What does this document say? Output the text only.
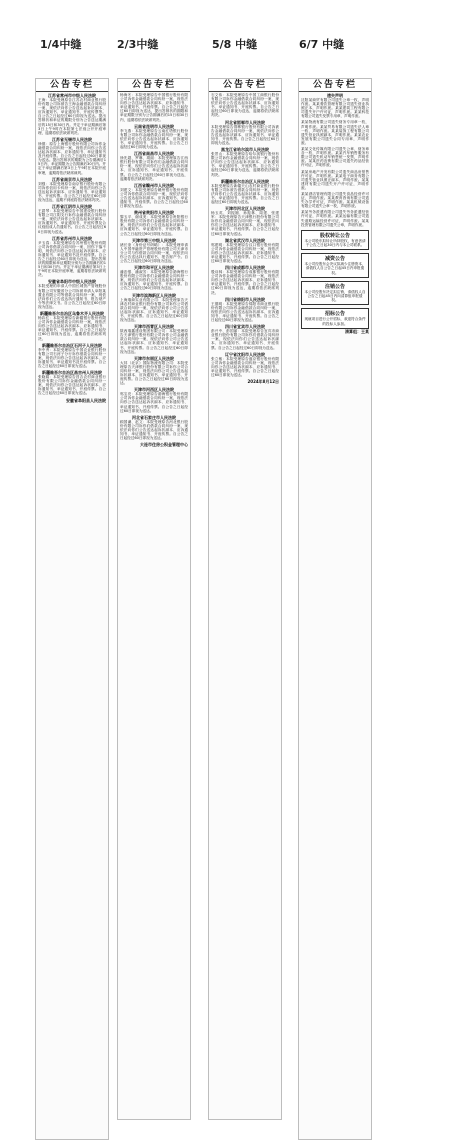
1/4中缝	2/3中缝	5/8 中缝	6/7 中缝
公告专栏
江苏省常州市中级人民法院
王海：本院受理原告江苏农村商业银行股份有限公司诉被告王海金融借款合同纠纷一案，现依法向你公告送达起诉状副本、应诉通知书、举证通知书、开庭传票等。自公告之日起经过60日即视为送达。提出答辩状和举证的期限分别为公告送达期满后的15日和30日内。并定于举证期满后第3日上午9时在本院第七法庭公开开庭审理，逾期将依法缺席判决。
江苏省无锡市人民法院
徐德：原告上海银行股份有限公司诉你金融借款合同纠纷一案，现依法向你公告送达起诉状副本、应诉通知书、举证通知书及开庭传票。自公告之日起经过60日即视为送达。提出答辩状的期限为公告期满后15日内，举证期限为公告期满后30日内。并定于举证期满后第3日上午9时在本院开庭审理，逾期将依法缺席裁判。
江苏省南京市人民法院
刘强：本院受理原告南京银行股份有限公司诉你信用卡纠纷一案，现依法向你公告送达起诉状副本、应诉通知书、举证通知书、开庭传票。自公告之日起经过60日即视为送达，逾期不到庭将依法缺席判决。
江苏省江阴市人民法院
王碧琴：本院受理原告中国建设银行股份有限公司江阴支行诉你金融借款合同纠纷一案，现依法向你公告送达起诉状副本、应诉通知书、举证通知书、开庭传票及合议庭组成人员通知书。自公告之日起经过60日即视为送达。
江苏省苏州市人民法院
尹玉春：本院受理原告苏州银行股份有限公司诉你借款合同纠纷一案，因你下落不明，现依法向你公告送达起诉状副本、应诉通知书、举证通知书及开庭传票。自公告之日起经过60日即视为送达，提出答辩状的期限和举证期限分别为公告期满后的15日和30日内。并定于举证期满后第3日上午9时在本院开庭审理，逾期将依法缺席判决。
安徽省阜阳市中级人民法院
本院受理的申请人中国长城资产管理股份有限公司安徽省分公司诉被申请人阜阳某置业有限公司等借款合同纠纷一案，现依法向你们公告送达执行通知书、报告财产令等法律文书。自公告之日起经过60日即视为送达。
新疆维吾尔自治区乌鲁木齐人民法院
杨彩红：本院受理原告新疆银行股份有限公司诉你金融借款合同纠纷一案，现依法向你公告送达起诉状副本、应诉通知书、举证通知书、开庭传票。自公告之日起经过60日即视为送达，逾期将依法缺席判决。
新疆维吾尔自治区石河子人民法院
李中秀：本院受理原告中国农业银行股份有限公司石河子分行诉你借款合同纠纷一案，现依法向你公告送达起诉状副本、应诉通知书、举证通知书及开庭传票。自公告之日起经过60日即视为送达。
新疆维吾尔自治区昌吉州人民法院
张晓娟：本院受理原告昌吉农村商业银行股份有限公司诉你金融借款合同纠纷一案，现依法向你公告送达起诉状副本、应诉通知书、举证通知书、开庭传票。自公告之日起经过60日即视为送达。
安徽省阜阳县人民法院
公告专栏
杨海冬：本院受理原告中国银行股份有限公司诉你金融借款合同纠纷一案，现依法向你公告送达起诉状副本、应诉通知书、举证通知书、开庭传票。自公告之日起经过60日即视为送达，提出答辩状的期限和举证期限分别为公告期满后的15日和30日内，逾期将依法缺席判决。
云南省昆明市人民法院
李飞燕：本院受理原告云南红塔银行股份有限公司诉你金融借款合同纠纷一案，现依法向你公告送达起诉状副本、应诉通知书、举证通知书、开庭传票。自公告之日起经过60日即视为送达。
江西省南昌市人民法院
徐先超、罗琳、胡丽：本院受理原告江西银行股份有限公司诉你们金融借款合同纠纷一案，现依法向你们公告送达起诉状副本、应诉通知书、举证通知书、开庭传票。自公告之日起经过60日即视为送达，逾期将依法缺席判决。
江西省赣州市人民法院
刘建文：本院受理原告赣州银行股份有限公司诉你借款合同纠纷一案，现依法向你公告送达起诉状副本、应诉通知书、举证通知书、开庭传票。自公告之日起经过60日即视为送达。
贵州省贵阳市人民法院
黎玉平、谢成美：本院受理原告贵阳银行股份有限公司诉你们金融借款合同纠纷一案，现依法向你们公告送达起诉状副本、应诉通知书、举证通知书、开庭传票。自公告之日起经过60日即视为送达。
天津市第三中级人民法院
褚长奎（身份证号码略）：本院受理申请人中国华融资产管理股份有限公司天津市分公司与你借款合同纠纷一案，现依法向你公告送达执行通知书、报告财产令。自公告之日起经过60日即视为送达。
天津市和平区人民法院
潘忠强、潘淑芳：本院受理原告渤海银行股份有限公司诉你们金融借款合同纠纷一案，现依法向你们公告送达起诉状副本、应诉通知书、举证通知书、开庭传票。自公告之日起经过60日即视为送达。
天津市滨海新区人民法院
上海瑞商实业有限公司：本院受理原告天津农村商业银行股份有限公司诉你公司借款合同纠纷一案，现依法向你公司公告送达起诉状副本、应诉通知书、举证通知书、开庭传票。自公告之日起经过60日即视为送达。
天津市西青区人民法院
陕西瑞鑫建设集团有限公司：本院受理原告天津银行股份有限公司诉你公司金融借款合同纠纷一案，现依法向你公司公告送达起诉状副本、应诉通知书、举证通知书、开庭传票。自公告之日起经过60日即视为送达。
天津市东丽区人民法院
大邦（北京）国际物流有限公司：本院受理原告天津银行股份有限公司诉你公司合同纠纷一案，现依法向你公司公告送达起诉状副本、应诉通知书、举证通知书、开庭传票。自公告之日起经过60日即视为送达。
天津市河西区人民法院
郭宝亮：本院受理原告渤海银行股份有限公司诉你金融借款合同纠纷一案，现依法向你公告送达起诉状副本、应诉通知书、举证通知书、开庭传票。自公告之日起经过60日即视为送达。
河北省石家庄市人民法院
顾国谦、赵文：本院受理原告河北银行股份有限公司诉你们借款合同纠纷一案，现依法向你们公告送达起诉状副本、应诉通知书、举证通知书、开庭传票。自公告之日起经过60日即视为送达。
大连市住房公积金管理中心
公告专栏
石文伟：本院受理原告中国工商银行股份有限公司诉你金融借款合同纠纷一案，现依法向你公告送达起诉状副本、应诉通知书、举证通知书、开庭传票。自公告之日起经过60日即视为送达，逾期将依法缺席判决。
河北省邯郸市人民法院
本院受理原告邯郸银行股份有限公司诉被告金融借款合同纠纷一案，现依法向你公告送达起诉状副本、应诉通知书、举证通知书、开庭传票。自公告之日起经过60日即视为送达。
黑龙江省哈尔滨市人民法院
张景山：本院受理原告哈尔滨银行股份有限公司诉你金融借款合同纠纷一案，现依法向你公告送达起诉状副本、应诉通知书、举证通知书、开庭传票。自公告之日起经过60日即视为送达，逾期将依法缺席判决。
新疆维吾尔自治区人民法院
本院受理原告新疆天山农村商业银行股份有限公司诉被告借款合同纠纷一案，现依法向你们公告送达起诉状副本、应诉通知书、举证通知书、开庭传票。自公告之日起经过60日即视为送达。
天津市河北区人民法院
杨玉英、刘振刚、孙振林、周建、张建军：本院受理原告天津银行股份有限公司诉你们金融借款合同纠纷一案，现依法向你们公告送达起诉状副本、应诉通知书、举证通知书、开庭传票。自公告之日起经过60日即视为送达。
湖北省武汉市人民法院
郭建明：本院受理原告汉口银行股份有限公司诉你金融借款合同纠纷一案，现依法向你公告送达起诉状副本、应诉通知书、举证通知书、开庭传票。自公告之日起经过60日即视为送达。
四川省成都市人民法院
殷诗林：本院受理原告成都银行股份有限公司诉你金融借款合同纠纷一案，现依法向你公告送达起诉状副本、应诉通知书、举证通知书、开庭传票。自公告之日起经过60日即视为送达，逾期将依法缺席判决。
四川省绵阳市人民法院
王德明：本院受理原告绵阳市商业银行股份有限公司诉你金融借款合同纠纷一案，现依法向你公告送达起诉状副本、应诉通知书、举证通知书、开庭传票。自公告之日起经过60日即视为送达。
四川省宜宾市人民法院
彭兴中、彭国丽：本院受理原告宜宾市商业银行股份有限公司诉你们借款合同纠纷一案，现依法向你们公告送达起诉状副本、应诉通知书、举证通知书、开庭传票。自公告之日起经过60日即视为送达。
辽宁省沈阳市人民法院
张立敏：本院受理原告盛京银行股份有限公司诉你金融借款合同纠纷一案，现依法向你公告送达起诉状副本、应诉通知书、举证通知书、开庭传票。自公告之日起经过60日即视为送达。
2024年8月12日
公告专栏
遗失声明
沈阳某商贸有限公司遗失公章一枚，声明作废。某某餐饮管理有限公司遗失营业执照正本，声明作废。某某建筑工程有限公司遗失开户许可证，声明作废。某某科技有限公司遗失发票专用章，声明作废。
某某物流有限公司遗失财务专用章一枚，声明作废。某某贸易有限公司遗失法人章一枚，声明作废。某某装饰工程有限公司遗失营业执照副本，声明作废。某某农业发展有限公司遗失合同专用章，声明作废。
某某文化传媒有限公司遗失公章、财务章各一枚，声明作废。某某汽车销售服务有限公司遗失机动车销售统一发票，声明作废。某某医药连锁有限公司遗失药品经营许可证，声明作废。
某某房地产开发有限公司遗失商品房预售许可证，声明作废。某某电子商务有限公司遗失营业执照正副本，声明作废。某某建材有限公司遗失开户许可证，声明作废。
某某酒店管理有限公司遗失食品经营许可证，声明作废。某某教育咨询有限公司遗失办学许可证，声明作废。某某机械设备有限公司遗失公章一枚，声明作废。
某某劳务派遣有限公司遗失劳务派遣经营许可证，声明作废。某某运输有限公司遗失道路运输经营许可证，声明作废。某某投资管理有限公司遗失公章，声明作废。
股权转让公告
本公司股东拟转让所持股权，有意者请于公告之日起30日内与本公司联系。
减资公告
本公司经股东会决议拟减少注册资本，请债权人自公告之日起45日内申报债权。
注销公告
本公司经股东决定拟注销，请债权人自公告之日起45日内向清算组申报债权。
招标公告
现就项目进行公开招标，欢迎符合条件的投标人参加。
清算组：王某
